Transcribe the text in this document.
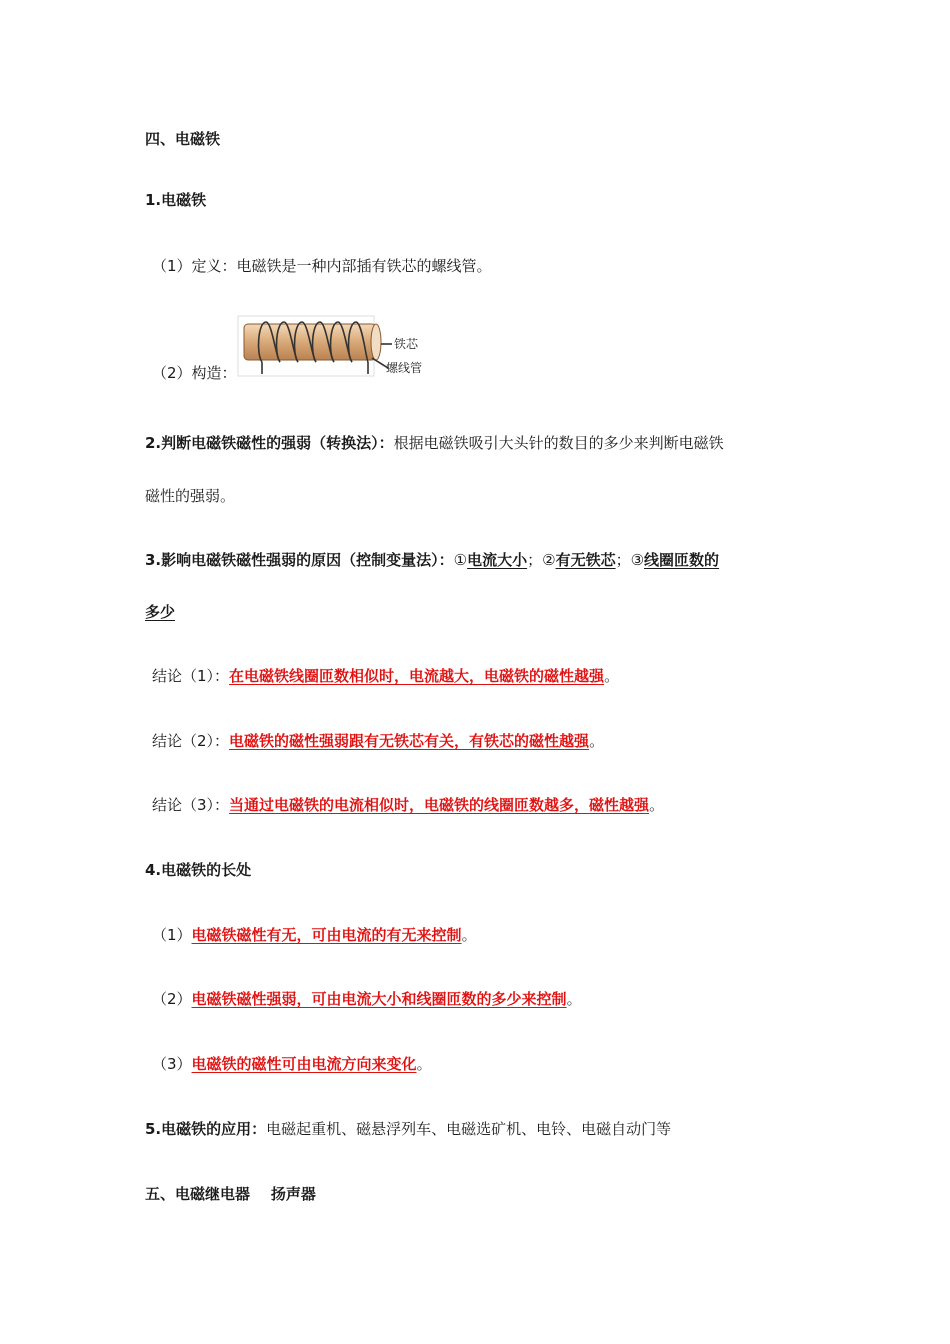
四、电磁铁
1.电磁铁
（1）定义：电磁铁是一种内部插有铁芯的螺线管。
（2）构造：
铁芯
螺线管
2.判断电磁铁磁性的强弱（转换法）：根据电磁铁吸引大头针的数目的多少来判断电磁铁
磁性的强弱。
3.影响电磁铁磁性强弱的原因（控制变量法）：①电流大小；②有无铁芯；③线圈匝数的
多少
结论（1）：在电磁铁线圈匝数相似时，电流越大，电磁铁的磁性越强。
结论（2）：电磁铁的磁性强弱跟有无铁芯有关，有铁芯的磁性越强。
结论（3）：当通过电磁铁的电流相似时，电磁铁的线圈匝数越多，磁性越强。
4.电磁铁的长处
（1）电磁铁磁性有无，可由电流的有无来控制。
（2）电磁铁磁性强弱，可由电流大小和线圈匝数的多少来控制。
（3）电磁铁的磁性可由电流方向来变化。
5.电磁铁的应用：电磁起重机、磁悬浮列车、电磁选矿机、电铃、电磁自动门等
五、电磁继电器    扬声器
